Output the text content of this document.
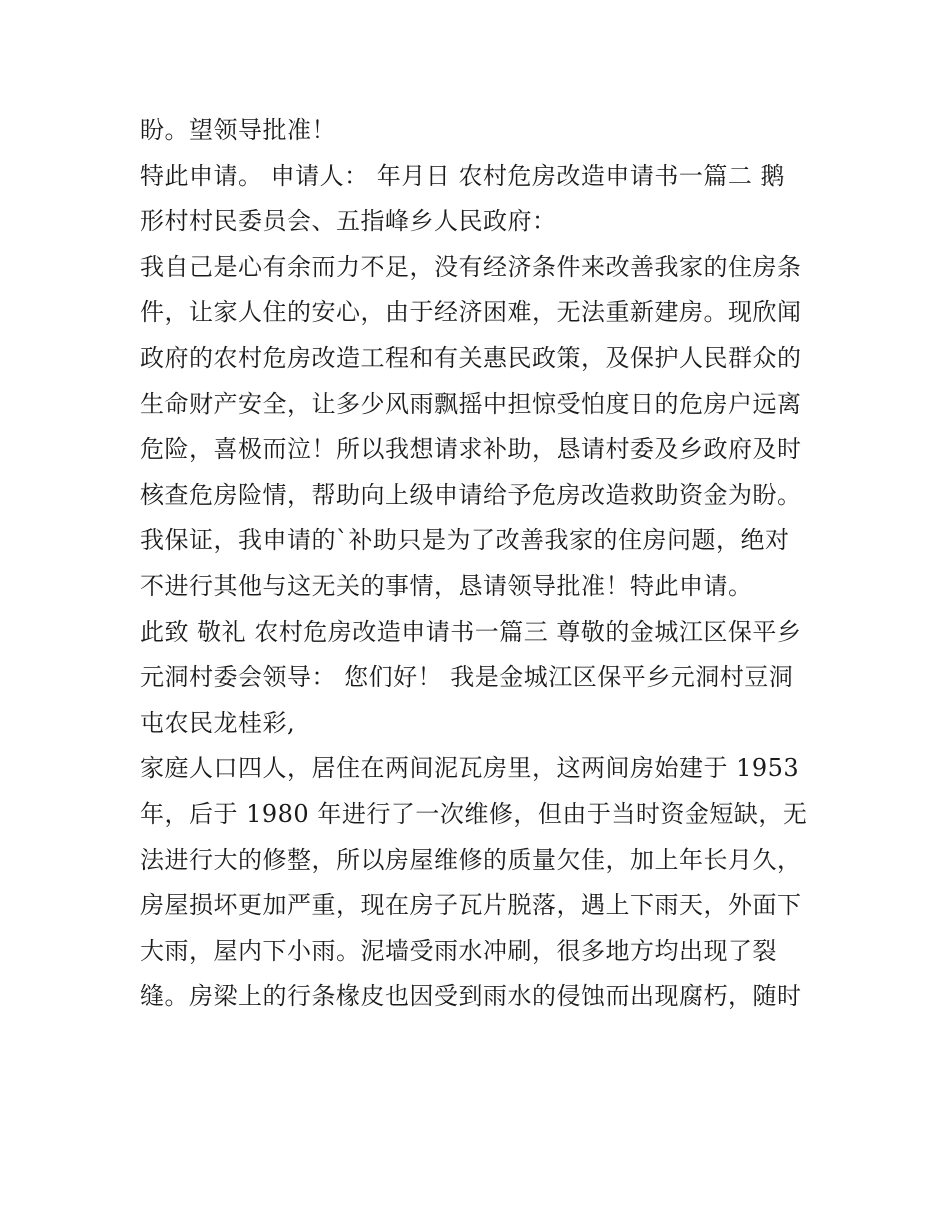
盼。望领导批准！
特此申请。 申请人： 年月日 农村危房改造申请书一篇二 鹅
形村村民委员会、五指峰乡人民政府：
我自己是心有余而力不足，没有经济条件来改善我家的住房条
件，让家人住的安心，由于经济困难，无法重新建房。现欣闻
政府的农村危房改造工程和有关惠民政策，及保护人民群众的
生命财产安全，让多少风雨飘摇中担惊受怕度日的危房户远离
危险，喜极而泣！所以我想请求补助，恳请村委及乡政府及时
核查危房险情，帮助向上级申请给予危房改造救助资金为盼。
我保证，我申请的`补助只是为了改善我家的住房问题，绝对
不进行其他与这无关的事情，恳请领导批准！特此申请。
此致 敬礼 农村危房改造申请书一篇三 尊敬的金城江区保平乡
元洞村委会领导： 您们好！ 我是金城江区保平乡元洞村豆洞
屯农民龙桂彩,
家庭人口四人，居住在两间泥瓦房里，这两间房始建于 1953
年，后于 1980 年进行了一次维修，但由于当时资金短缺，无
法进行大的修整，所以房屋维修的质量欠佳，加上年长月久，
房屋损坏更加严重，现在房子瓦片脱落，遇上下雨天，外面下
大雨，屋内下小雨。泥墙受雨水冲刷，很多地方均出现了裂
缝。房梁上的行条椽皮也因受到雨水的侵蚀而出现腐朽，随时
